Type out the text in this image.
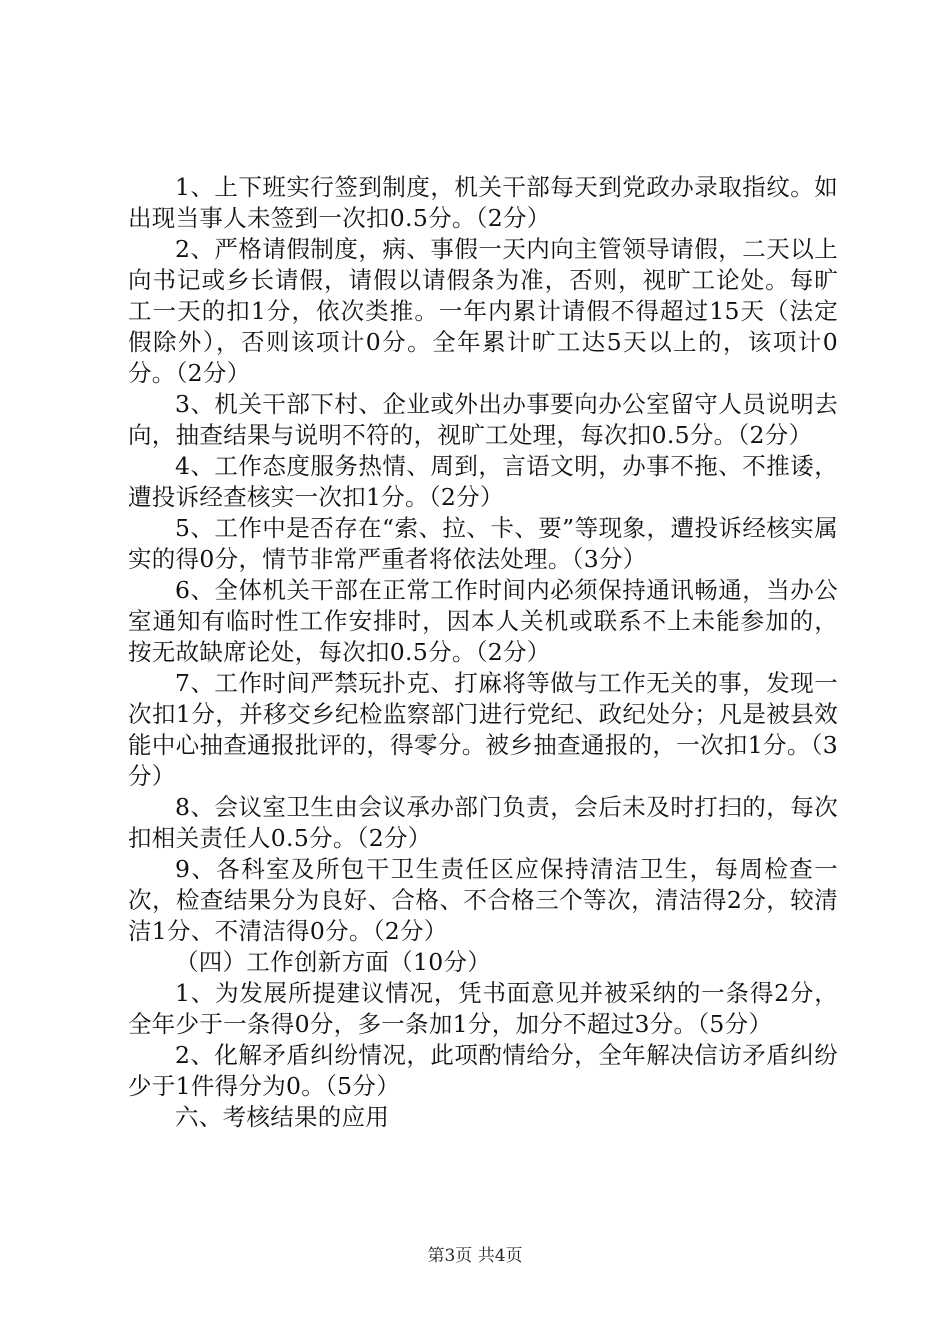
1、上下班实行签到制度，机关干部每天到党政办录取指纹。如出现当事人未签到一次扣0.5分。（2分）

2、严格请假制度，病、事假一天内向主管领导请假，二天以上向书记或乡长请假，请假以请假条为准，否则，视旷工论处。每旷工一天的扣1分，依次类推。一年内累计请假不得超过15天（法定假除外），否则该项计0分。全年累计旷工达5天以上的，该项计0分。（2分）

3、机关干部下村、企业或外出办事要向办公室留守人员说明去向，抽查结果与说明不符的，视旷工处理，每次扣0.5分。（2分）

4、工作态度服务热情、周到，言语文明，办事不拖、不推诿，遭投诉经查核实一次扣1分。（2分）

5、工作中是否存在“索、拉、卡、要”等现象，遭投诉经核实属实的得0分，情节非常严重者将依法处理。（3分）

6、全体机关干部在正常工作时间内必须保持通讯畅通，当办公室通知有临时性工作安排时，因本人关机或联系不上未能参加的，按无故缺席论处，每次扣0.5分。（2分）

7、工作时间严禁玩扑克、打麻将等做与工作无关的事，发现一次扣1分，并移交乡纪检监察部门进行党纪、政纪处分；凡是被县效能中心抽查通报批评的，得零分。被乡抽查通报的，一次扣1分。（3分）

8、会议室卫生由会议承办部门负责，会后未及时打扫的，每次扣相关责任人0.5分。（2分）

9、各科室及所包干卫生责任区应保持清洁卫生，每周检查一次，检查结果分为良好、合格、不合格三个等次，清洁得2分，较清洁1分、不清洁得0分。（2分）

（四）工作创新方面（10分）

1、为发展所提建议情况，凭书面意见并被采纳的一条得2分，全年少于一条得0分，多一条加1分，加分不超过3分。（5分）

2、化解矛盾纠纷情况，此项酌情给分，全年解决信访矛盾纠纷少于1件得分为0。（5分）

六、考核结果的应用

第3页 共4页
